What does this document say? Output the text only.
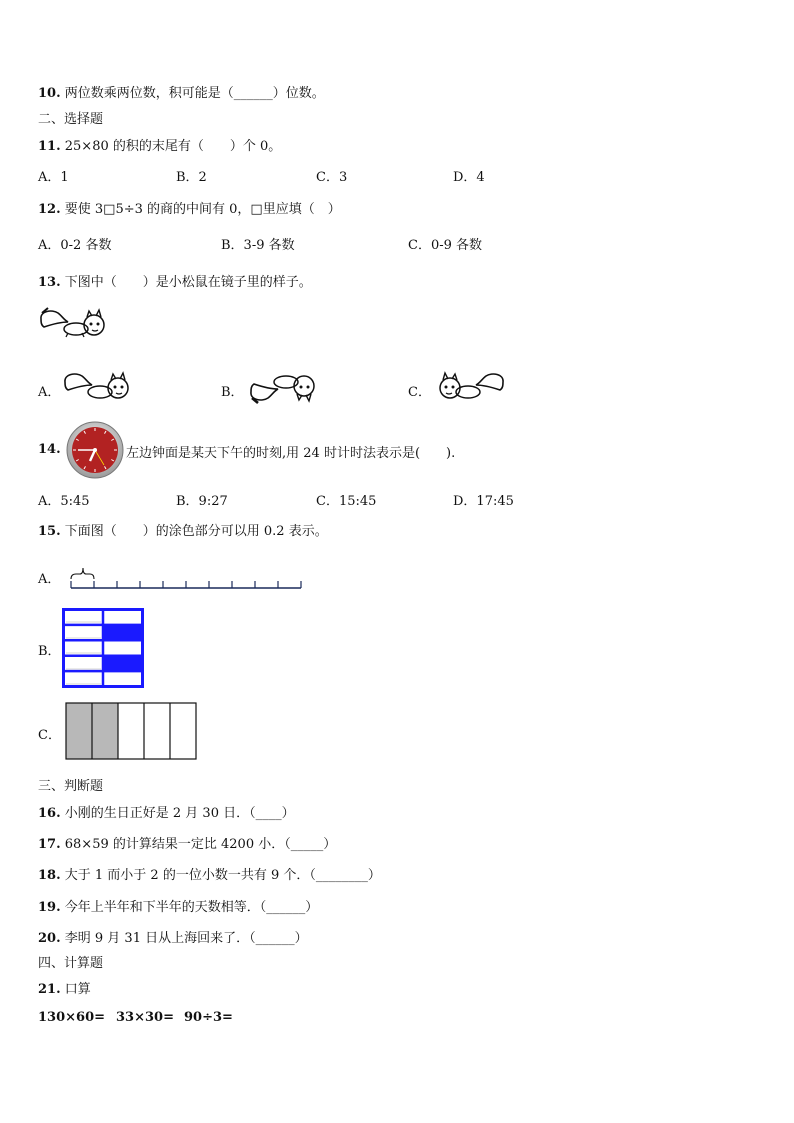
10. 两位数乘两位数，积可能是（______）位数。
二、选择题
11. 25×80 的积的末尾有（　　）个 0。
A．1	B．2	C．3	D．4
12. 要使 3□5÷3 的商的中间有 0，□里应填（　）
A．0-2 各数	B．3-9 各数	C．0-9 各数
13. 下图中（　　）是小松鼠在镜子里的样子。
A．	B．	C．
14.	左边钟面是某天下午的时刻,用 24 时计时法表示是(　　).
A．5:45	B．9:27	C．15:45	D．17:45
15. 下面图（　　）的涂色部分可以用 0.2 表示。
A．
B．
C．
三、判断题
16. 小刚的生日正好是 2 月 30 日．（____）
17. 68×59 的计算结果一定比 4200 小．（_____）
18. 大于 1 而小于 2 的一位小数一共有 9 个．（________）
19. 今年上半年和下半年的天数相等．（______）
20. 李明 9 月 31 日从上海回来了．（______）
四、计算题
21. 口算
130×60= 33×30= 90÷3=
